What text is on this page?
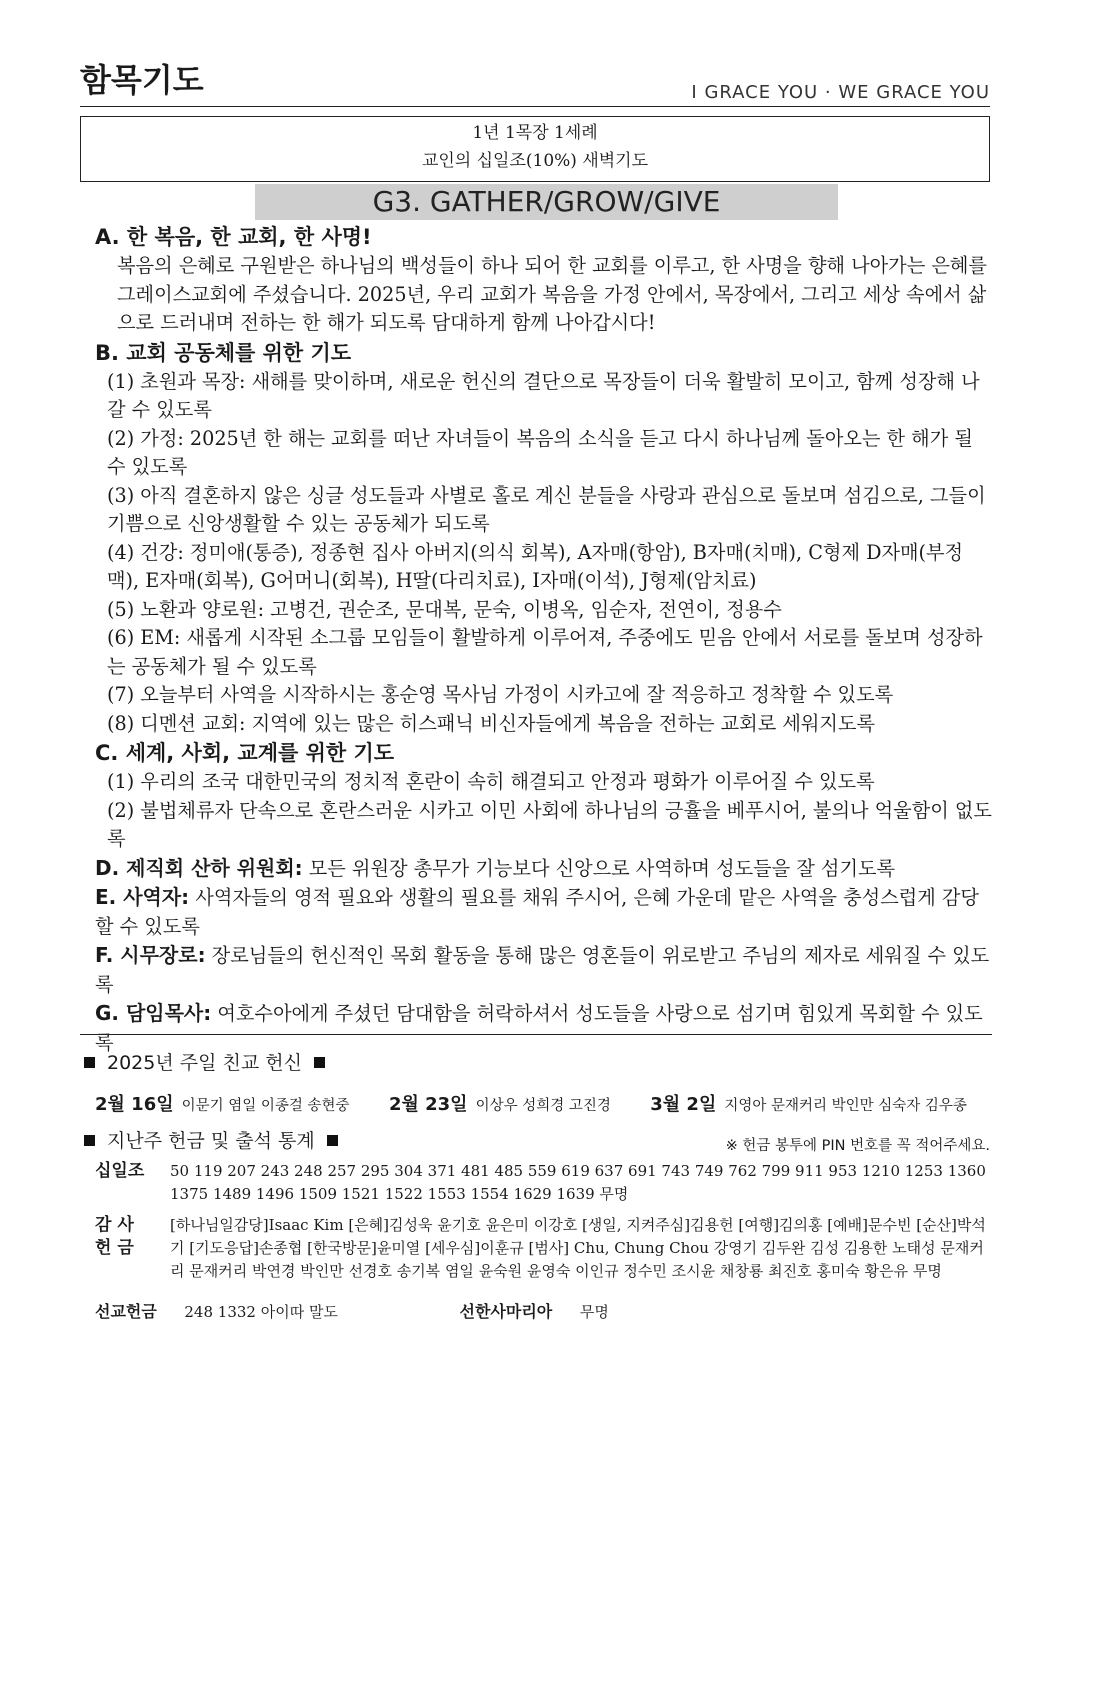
함목기도	I GRACE YOU · WE GRACE YOU
1년 1목장 1세례
교인의 십일조(10%) 새벽기도
G3. GATHER/GROW/GIVE
A. 한 복음, 한 교회, 한 사명!
복음의 은혜로 구원받은 하나님의 백성들이 하나 되어 한 교회를 이루고, 한 사명을 향해 나아가는 은혜를 그레이스교회에 주셨습니다. 2025년, 우리 교회가 복음을 가정 안에서, 목장에서, 그리고 세상 속에서 삶으로 드러내며 전하는 한 해가 되도록 담대하게 함께 나아갑시다!
B. 교회 공동체를 위한 기도
(1) 초원과 목장: 새해를 맞이하며, 새로운 헌신의 결단으로 목장들이 더욱 활발히 모이고, 함께 성장해 나갈 수 있도록
(2) 가정: 2025년 한 해는 교회를 떠난 자녀들이 복음의 소식을 듣고 다시 하나님께 돌아오는 한 해가 될 수 있도록
(3) 아직 결혼하지 않은 싱글 성도들과 사별로 홀로 계신 분들을 사랑과 관심으로 돌보며 섬김으로, 그들이 기쁨으로 신앙생활할 수 있는 공동체가 되도록
(4) 건강: 정미애(통증), 정종현 집사 아버지(의식 회복), A자매(항암), B자매(치매), C형제 D자매(부정맥), E자매(회복), G어머니(회복), H딸(다리치료), I자매(이석), J형제(암치료)
(5) 노환과 양로원: 고병건, 권순조, 문대복, 문숙, 이병옥, 임순자, 전연이, 정용수
(6) EM: 새롭게 시작된 소그룹 모임들이 활발하게 이루어져, 주중에도 믿음 안에서 서로를 돌보며 성장하는 공동체가 될 수 있도록
(7) 오늘부터 사역을 시작하시는 홍순영 목사님 가정이 시카고에 잘 적응하고 정착할 수 있도록
(8) 디멘션 교회: 지역에 있는 많은 히스패닉 비신자들에게 복음을 전하는 교회로 세워지도록
C. 세계, 사회, 교계를 위한 기도
(1) 우리의 조국 대한민국의 정치적 혼란이 속히 해결되고 안정과 평화가 이루어질 수 있도록
(2) 불법체류자 단속으로 혼란스러운 시카고 이민 사회에 하나님의 긍휼을 베푸시어, 불의나 억울함이 없도록
D. 제직회 산하 위원회: 모든 위원장 총무가 기능보다 신앙으로 사역하며 성도들을 잘 섬기도록
E. 사역자: 사역자들의 영적 필요와 생활의 필요를 채워 주시어, 은혜 가운데 맡은 사역을 충성스럽게 감당할 수 있도록
F. 시무장로: 장로님들의 헌신적인 목회 활동을 통해 많은 영혼들이 위로받고 주님의 제자로 세워질 수 있도록
G. 담임목사: 여호수아에게 주셨던 담대함을 허락하셔서 성도들을 사랑으로 섬기며 힘있게 목회할 수 있도록
2025년 주일 친교 헌신
2월 16일 이문기 염일 이종걸 송현중 2월 23일 이상우 성희경 고진경 3월 2일 지영아 문재커리 박인만 심숙자 김우종
지난주 헌금 및 출석 통계	※ 헌금 봉투에 PIN 번호를 꼭 적어주세요.
십일조 50 119 207 243 248 257 295 304 371 481 485 559 619 637 691 743 749 762 799 911 953 1210 1253 1360 1375 1489 1496 1509 1521 1522 1553 1554 1629 1639 무명
감 사
헌 금
[하나님일감당]Isaac Kim [은혜]김성욱 윤기호 윤은미 이강호 [생일, 지켜주심]김용헌 [여행]김의홍 [예배]문수빈 [순산]박석기 [기도응답]손종협 [한국방문]윤미열 [세우심]이훈규 [범사] Chu, Chung Chou 강영기 김두완 김성 김용한 노태성 문재커리 문재커리 박연경 박인만 선경호 송기복 염일 윤숙원 윤영숙 이인규 정수민 조시윤 채창룡 최진호 홍미숙 황은유 무명
선교헌금 248 1332 아이따 말도	선한사마리아 무명
